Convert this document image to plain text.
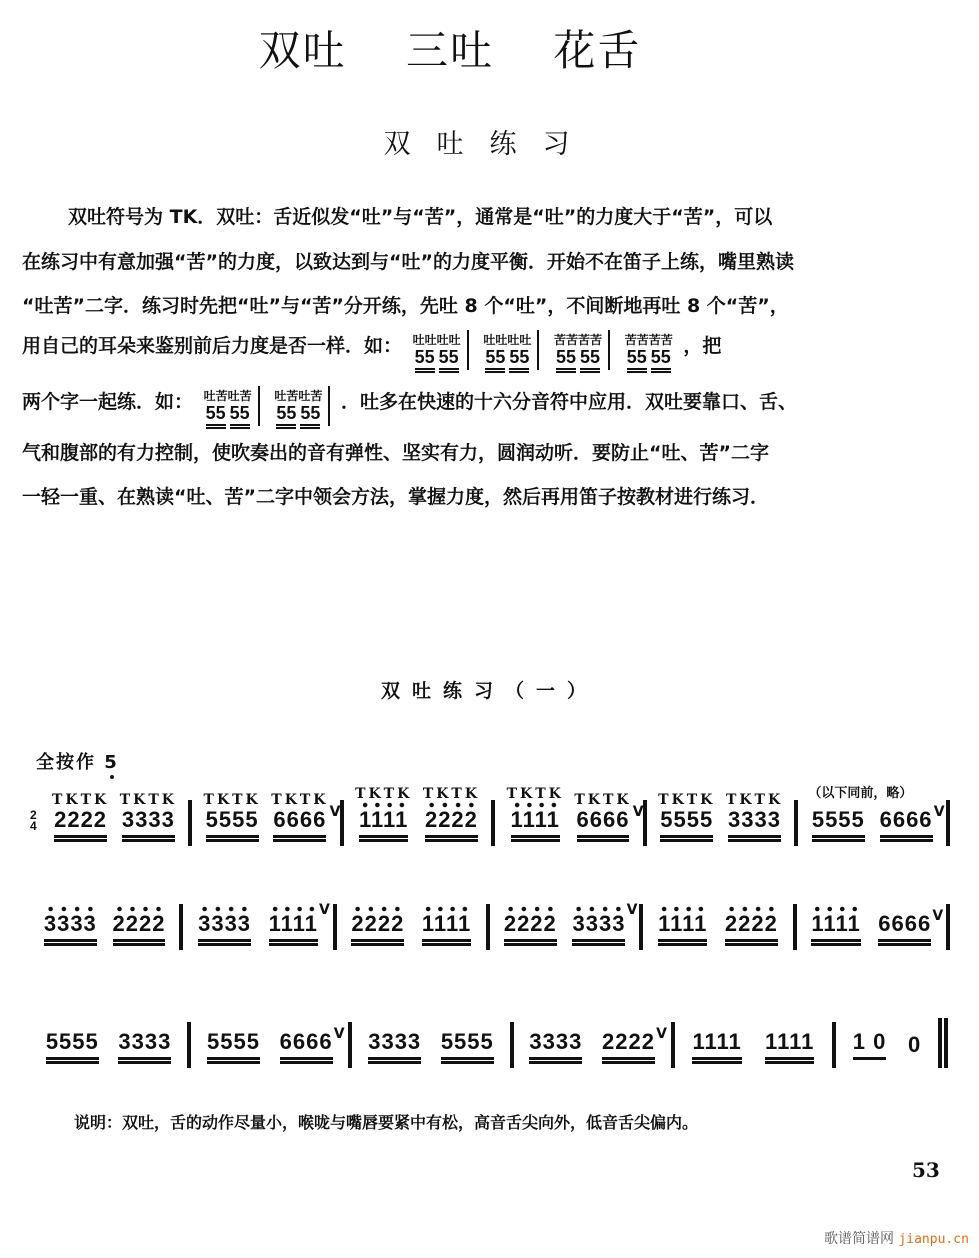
双吐 三吐 花舌
双吐练习
双吐符号为 TK．双吐：舌近似发“吐”与“苦”，通常是“吐”的力度大于“苦”，可以
在练习中有意加强“苦”的力度，以致达到与“吐”的力度平衡．开始不在笛子上练，嘴里熟读
“吐苦”二字．练习时先把“吐”与“苦”分开练，先吐 8 个“吐”，不间断地再吐 8 个“苦”，
用自己的耳朵来鉴别前后力度是否一样．如： 吐吐吐吐
55 55

吐吐吐吐
55 55

苦苦苦苦
55 55

苦苦苦苦
55 55 ，把
两个字一起练．如： 吐苦吐苦
55 55

吐苦吐苦
55 55 ．吐多在快速的十六分音符中应用．双吐要靠口、舌、
气和腹部的有力控制，使吹奏出的音有弹性、坚实有力，圆润动听．要防止“吐、苦”二字
一轻一重、在熟读“吐、苦”二字中领会方法，掌握力度，然后再用笛子按教材进行练习．
双吐练习（一）
全按作 5
2
4
TKTK
2222
TKTK
3333
TKTK
5555
TKTK
6666 V
TKTK
1111
TKTK
2222
TKTK
1111
TKTK
6666 V
TKTK
5555
TKTK
3333
（以下同前，略）
5555 6666 V
3333 2222 3333 1111
V
2222 1111 2222 3333
V
1111 2222 1111 6666 V
5555 3333 5555 6666 V 3333 5555 3333 2222 V 1111 1111 1 0 0
说明：双吐，舌的动作尽量小，喉咙与嘴唇要紧中有松，高音舌尖向外，低音舌尖偏内。
53
歌谱简谱网 jianpu.cn
